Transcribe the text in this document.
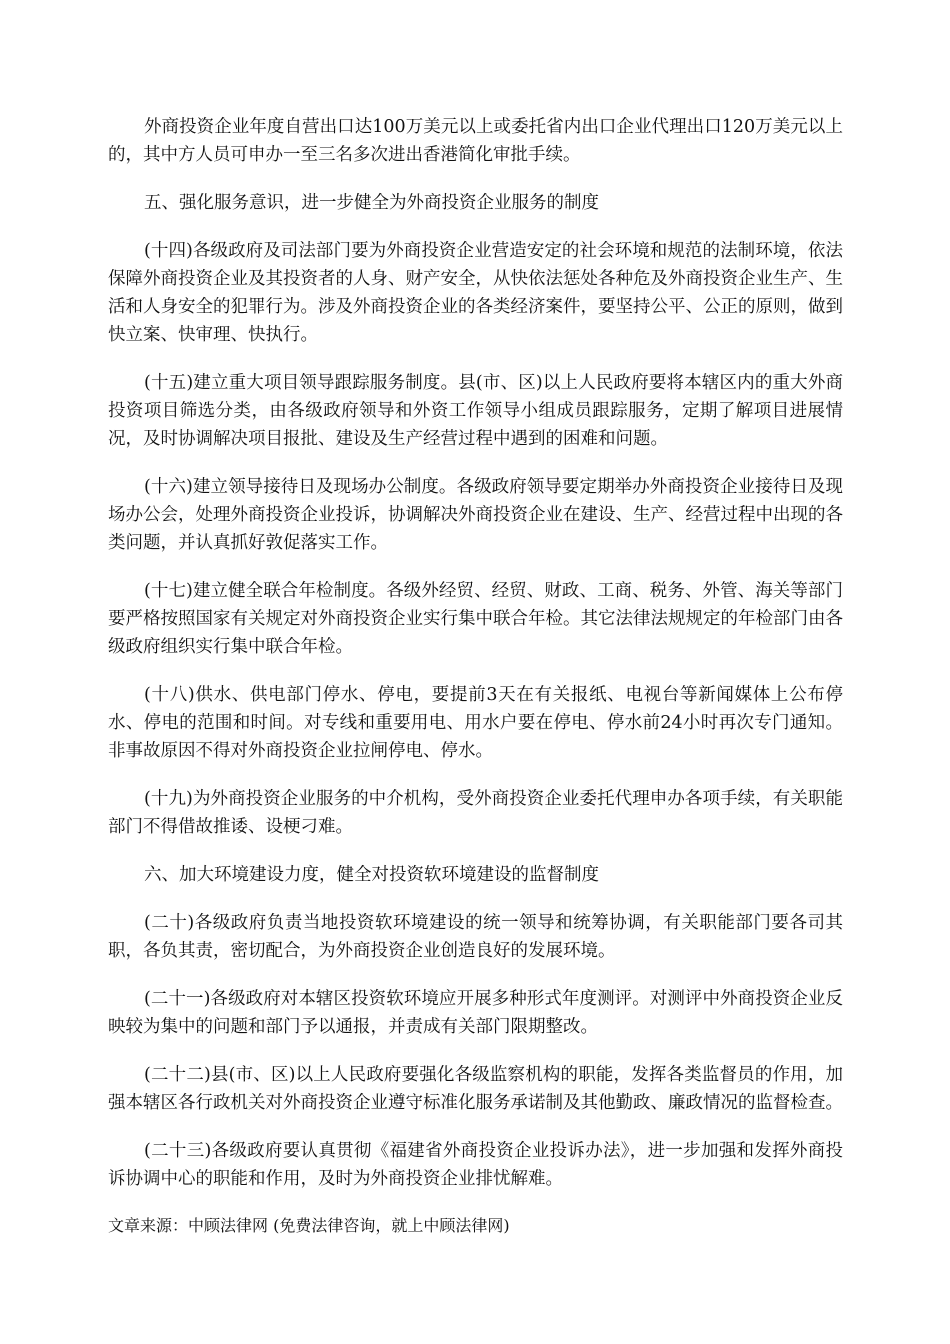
外商投资企业年度自营出口达100万美元以上或委托省内出口企业代理出口120万美元以上的，其中方人员可申办一至三名多次进出香港简化审批手续。

五、强化服务意识，进一步健全为外商投资企业服务的制度

(十四)各级政府及司法部门要为外商投资企业营造安定的社会环境和规范的法制环境，依法保障外商投资企业及其投资者的人身、财产安全，从快依法惩处各种危及外商投资企业生产、生活和人身安全的犯罪行为。涉及外商投资企业的各类经济案件，要坚持公平、公正的原则，做到快立案、快审理、快执行。

(十五)建立重大项目领导跟踪服务制度。县(市、区)以上人民政府要将本辖区内的重大外商投资项目筛选分类，由各级政府领导和外资工作领导小组成员跟踪服务，定期了解项目进展情况，及时协调解决项目报批、建设及生产经营过程中遇到的困难和问题。

(十六)建立领导接待日及现场办公制度。各级政府领导要定期举办外商投资企业接待日及现场办公会，处理外商投资企业投诉，协调解决外商投资企业在建设、生产、经营过程中出现的各类问题，并认真抓好敦促落实工作。

(十七)建立健全联合年检制度。各级外经贸、经贸、财政、工商、税务、外管、海关等部门要严格按照国家有关规定对外商投资企业实行集中联合年检。其它法律法规规定的年检部门由各级政府组织实行集中联合年检。

(十八)供水、供电部门停水、停电，要提前3天在有关报纸、电视台等新闻媒体上公布停水、停电的范围和时间。对专线和重要用电、用水户要在停电、停水前24小时再次专门通知。非事故原因不得对外商投资企业拉闸停电、停水。

(十九)为外商投资企业服务的中介机构，受外商投资企业委托代理申办各项手续，有关职能部门不得借故推诿、设梗刁难。

六、加大环境建设力度，健全对投资软环境建设的监督制度

(二十)各级政府负责当地投资软环境建设的统一领导和统筹协调，有关职能部门要各司其职，各负其责，密切配合，为外商投资企业创造良好的发展环境。

(二十一)各级政府对本辖区投资软环境应开展多种形式年度测评。对测评中外商投资企业反映较为集中的问题和部门予以通报，并责成有关部门限期整改。

(二十二)县(市、区)以上人民政府要强化各级监察机构的职能，发挥各类监督员的作用，加强本辖区各行政机关对外商投资企业遵守标准化服务承诺制及其他勤政、廉政情况的监督检查。

(二十三)各级政府要认真贯彻《福建省外商投资企业投诉办法》，进一步加强和发挥外商投诉协调中心的职能和作用，及时为外商投资企业排忧解难。

文章来源：中顾法律网 (免费法律咨询，就上中顾法律网)
